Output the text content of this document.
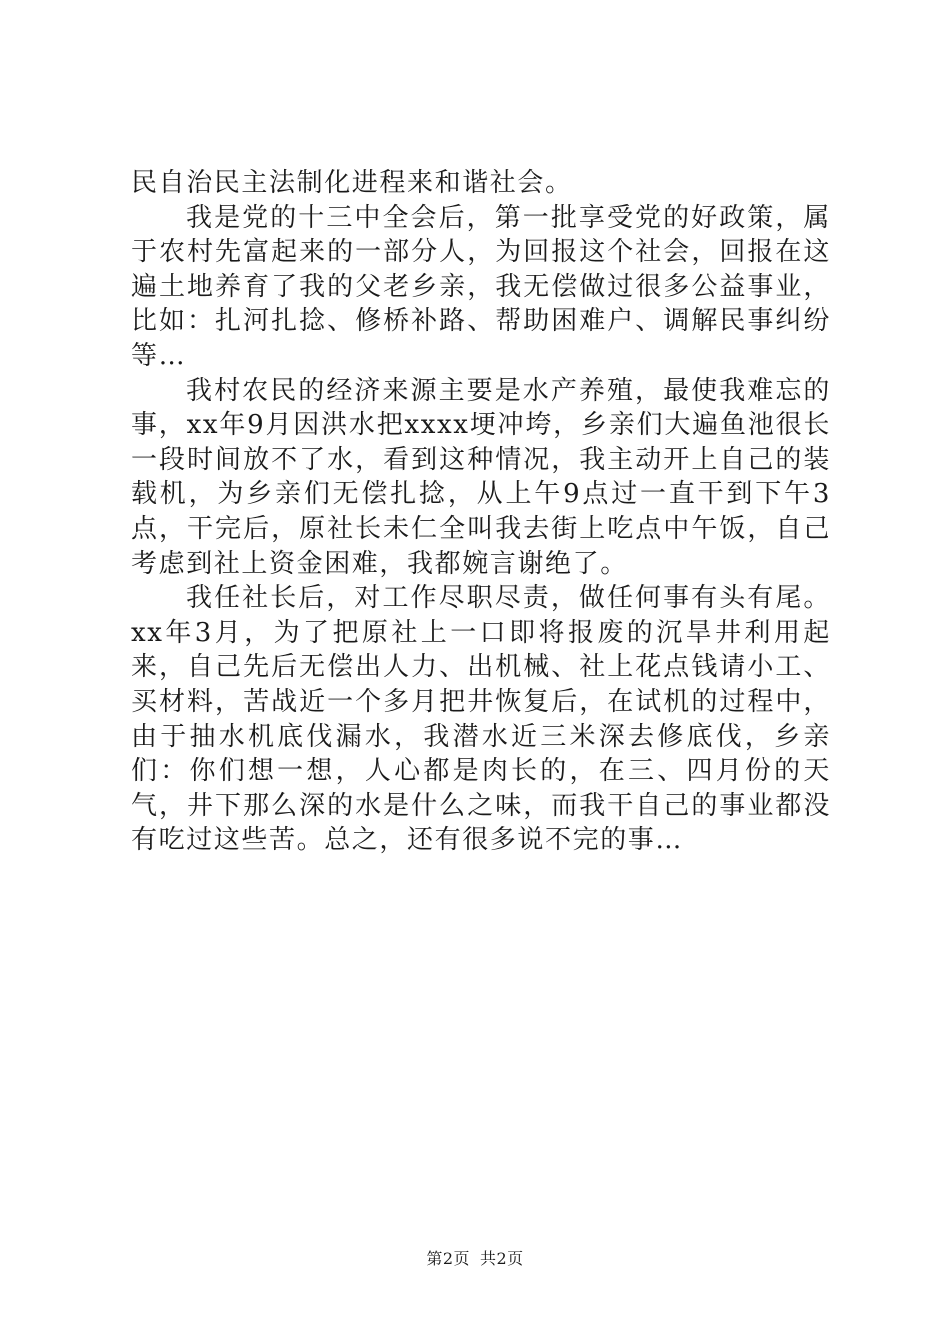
民自治民主法制化进程来和谐社会。

我是党的十三中全会后，第一批享受党的好政策，属于农村先富起来的一部分人，为回报这个社会，回报在这遍土地养育了我的父老乡亲，我无偿做过很多公益事业，比如：扎河扎捻、修桥补路、帮助困难户、调解民事纠纷等…

我村农民的经济来源主要是水产养殖，最使我难忘的事，xx年9月因洪水把xxxx埂冲垮，乡亲们大遍鱼池很长一段时间放不了水，看到这种情况，我主动开上自己的装载机，为乡亲们无偿扎捻，从上午9点过一直干到下午3点，干完后，原社长未仁全叫我去街上吃点中午饭，自己考虑到社上资金困难，我都婉言谢绝了。

我任社长后，对工作尽职尽责，做任何事有头有尾。xx年3月，为了把原社上一口即将报废的沉旱井利用起来，自己先后无偿出人力、出机械、社上花点钱请小工、买材料，苦战近一个多月把井恢复后，在试机的过程中，由于抽水机底伐漏水，我潜水近三米深去修底伐，乡亲们：你们想一想，人心都是肉长的，在三、四月份的天气，井下那么深的水是什么之味，而我干自己的事业都没有吃过这些苦。总之，还有很多说不完的事…

第2页 共2页
